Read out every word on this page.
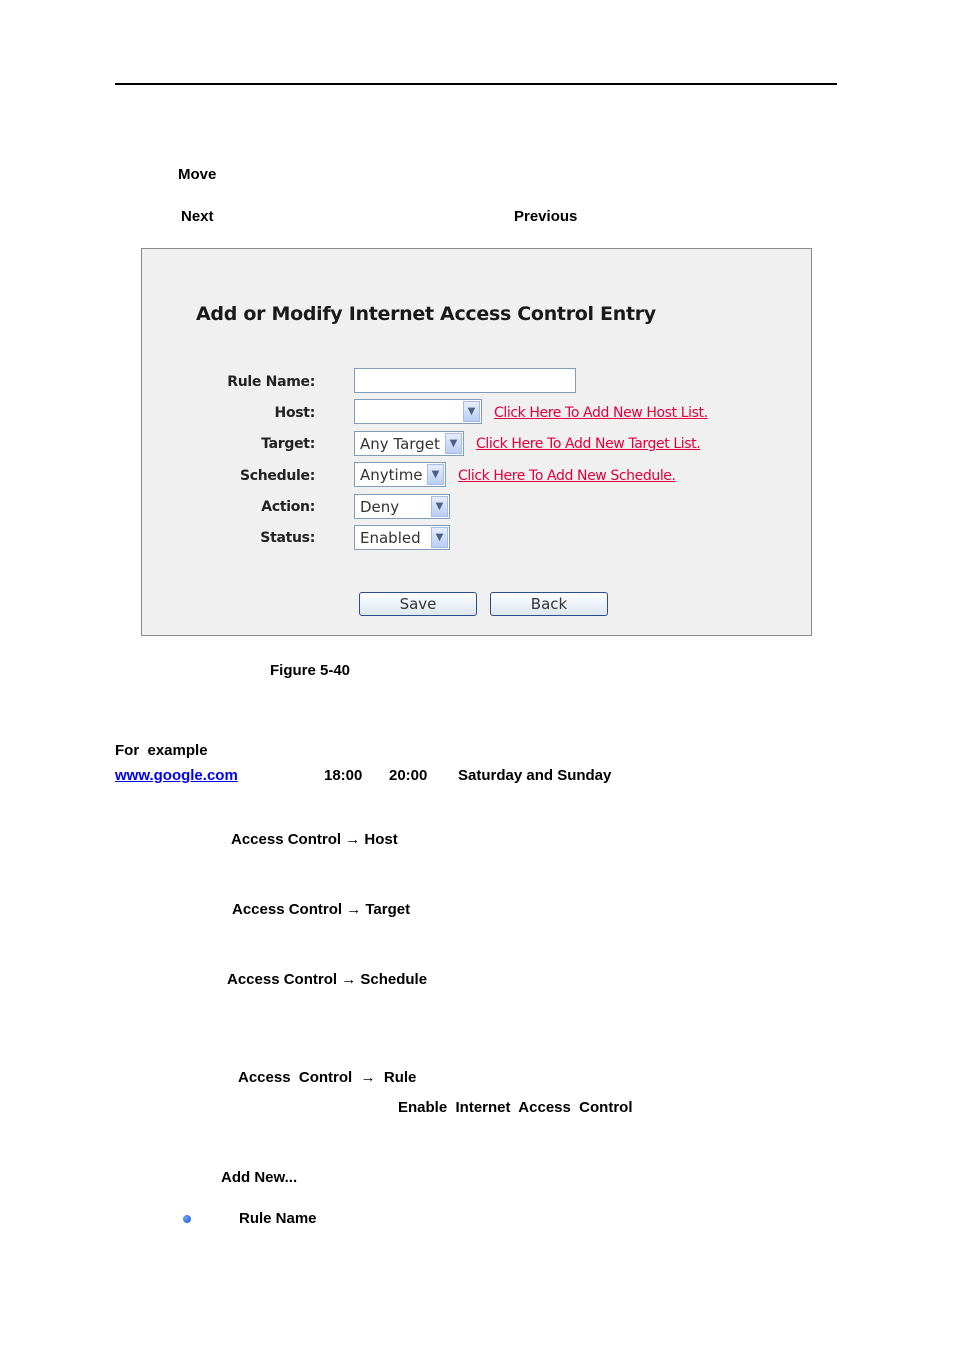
Move
Next	Previous
Add or Modify Internet Access Control Entry
Rule Name:
Host:	▼	Click Here To Add New Host List.
Target:	Any Target ▼	Click Here To Add New Target List.
Schedule:	Anytime ▼	Click Here To Add New Schedule.
Action:	Deny	▼
Status:	Enabled	▼
Save	Back
Figure 5-40
For  example
www.google.com	18:00 20:00 Saturday and Sunday
Access Control → Host
Access Control → Target
Access Control → Schedule
Access  Control  →  Rule
Enable  Internet  Access  Control
Add New...
Rule Name
